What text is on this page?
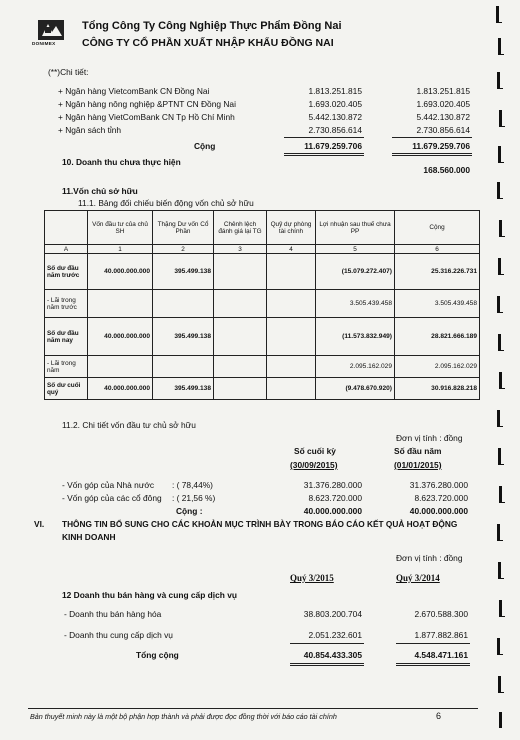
DONIMEX
Tổng Công Ty Công Nghiệp Thực Phẩm Đồng Nai
CÔNG TY CỔ PHẦN XUẤT NHẬP KHẨU ĐỒNG NAI
(**)Chi tiết:
+ Ngân hàng VietcomBank CN Đồng Nai	1.813.251.815	1.813.251.815
+ Ngân hàng nông nghiệp &PTNT CN Đồng Nai	1.693.020.405	1.693.020.405
+ Ngân hàng VietComBank CN Tp Hồ Chí Minh	5.442.130.872	5.442.130.872
+ Ngân sách tỉnh	2.730.856.614	2.730.856.614
Cộng	11.679.259.706	11.679.259.706
10. Doanh thu chưa thực hiện
168.560.000
11.Vốn chủ sở hữu
11.1. Bảng đối chiếu biến động vốn chủ sở hữu
	Vốn đầu tư của chủ SH	Thặng Dư vốn Cổ Phần	Chênh lệch đánh giá lại TG	Quỹ dự phòng tài chính	Lợi nhuận sau thuế chưa PP	Cộng
A	1	2	3	4	5	6
Số dư đầu năm trước	40.000.000.000	395.499.138			(15.079.272.407)	25.316.226.731
- Lãi trong năm trước					3.505.439.458	3.505.439.458
Số dư đầu năm nay	40.000.000.000	395.499.138			(11.573.832.949)	28.821.666.189
- Lãi trong năm					2.095.162.029	2.095.162.029
Số dư cuối quý	40.000.000.000	395.499.138			(9.478.670.920)	30.916.828.218
11.2. Chi tiết vốn đầu tư chủ sở hữu
Đơn vị tính : đồng
Số cuối kỳ	Số đầu năm
(30/09/2015)	(01/01/2015)
- Vốn góp của Nhà nước : ( 78,44%)	31.376.280.000	31.376.280.000
- Vốn góp của các cổ đông : ( 21,56 %)	8.623.720.000	8.623.720.000
Cộng :	40.000.000.000	40.000.000.000
VI. THÔNG TIN BỔ SUNG CHO CÁC KHOẢN MỤC TRÌNH BÀY TRONG BÁO CÁO KẾT QUẢ HOẠT ĐỘNG
KINH DOANH
Đơn vị tính : đồng
Quý 3/2015	Quý 3/2014
12 Doanh thu bán hàng và cung cấp dịch vụ
- Doanh thu bán hàng hóa	38.803.200.704	2.670.588.300
- Doanh thu cung cấp dịch vụ	2.051.232.601	1.877.882.861
Tổng cộng	40.854.433.305	4.548.471.161
Bản thuyết minh này là một bộ phận hợp thành và phải được đọc đồng thời với báo cáo tài chính	6
